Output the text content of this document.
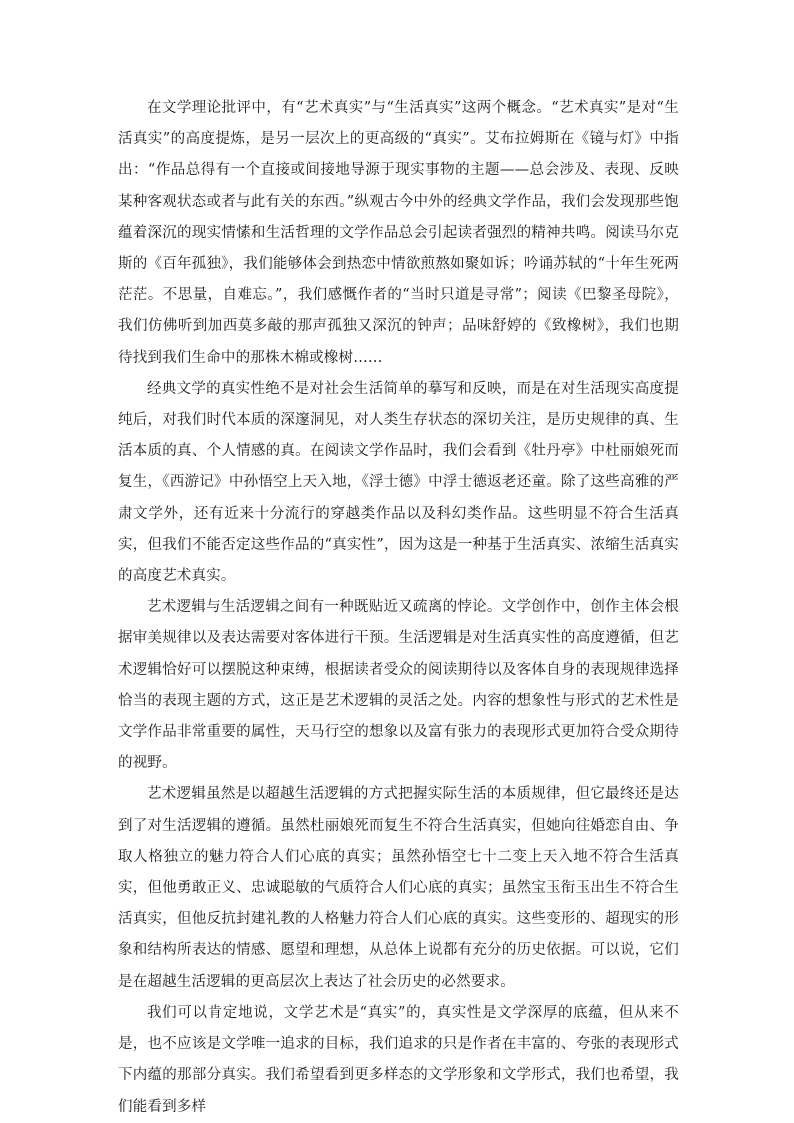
在文学理论批评中，有“艺术真实”与“生活真实”这两个概念。“艺术真实”是对“生活真实”的高度提炼，是另一层次上的更高级的“真实”。艾布拉姆斯在《镜与灯》中指出：“作品总得有一个直接或间接地导源于现实事物的主题——总会涉及、表现、反映某种客观状态或者与此有关的东西。”纵观古今中外的经典文学作品，我们会发现那些饱蕴着深沉的现实情愫和生活哲理的文学作品总会引起读者强烈的精神共鸣。阅读马尔克斯的《百年孤独》，我们能够体会到热恋中情欲煎熬如聚如诉；吟诵苏轼的“十年生死两茫茫。不思量，自难忘。”，我们感慨作者的“当时只道是寻常”；阅读《巴黎圣母院》，我们仿佛听到加西莫多敲的那声孤独又深沉的钟声；品味舒婷的《致橡树》，我们也期待找到我们生命中的那株木棉或橡树……

经典文学的真实性绝不是对社会生活简单的摹写和反映，而是在对生活现实高度提纯后，对我们时代本质的深邃洞见，对人类生存状态的深切关注，是历史规律的真、生活本质的真、个人情感的真。在阅读文学作品时，我们会看到《牡丹亭》中杜丽娘死而复生，《西游记》中孙悟空上天入地，《浮士德》中浮士德返老还童。除了这些高雅的严肃文学外，还有近来十分流行的穿越类作品以及科幻类作品。这些明显不符合生活真实，但我们不能否定这些作品的“真实性”，因为这是一种基于生活真实、浓缩生活真实的高度艺术真实。

艺术逻辑与生活逻辑之间有一种既贴近又疏离的悖论。文学创作中，创作主体会根据审美规律以及表达需要对客体进行干预。生活逻辑是对生活真实性的高度遵循，但艺术逻辑恰好可以摆脱这种束缚，根据读者受众的阅读期待以及客体自身的表现规律选择恰当的表现主题的方式，这正是艺术逻辑的灵活之处。内容的想象性与形式的艺术性是文学作品非常重要的属性，天马行空的想象以及富有张力的表现形式更加符合受众期待的视野。

艺术逻辑虽然是以超越生活逻辑的方式把握实际生活的本质规律，但它最终还是达到了对生活逻辑的遵循。虽然杜丽娘死而复生不符合生活真实，但她向往婚恋自由、争取人格独立的魅力符合人们心底的真实；虽然孙悟空七十二变上天入地不符合生活真实，但他勇敢正义、忠诚聪敏的气质符合人们心底的真实；虽然宝玉衔玉出生不符合生活真实，但他反抗封建礼教的人格魅力符合人们心底的真实。这些变形的、超现实的形象和结构所表达的情感、愿望和理想，从总体上说都有充分的历史依据。可以说，它们是在超越生活逻辑的更高层次上表达了社会历史的必然要求。

我们可以肯定地说，文学艺术是“真实”的，真实性是文学深厚的底蕴，但从来不是，也不应该是文学唯一追求的目标，我们追求的只是作者在丰富的、夸张的表现形式下内蕴的那部分真实。我们希望看到更多样态的文学形象和文学形式，我们也希望，我们能看到多样
